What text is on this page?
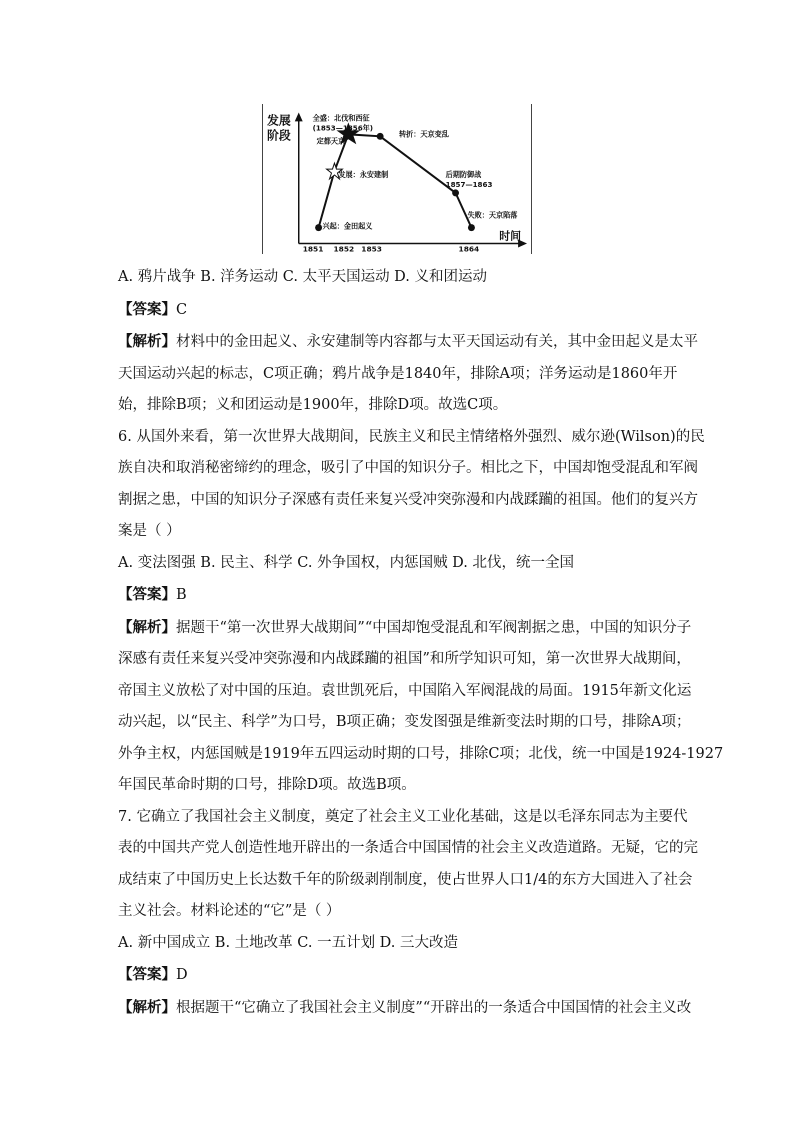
发展
阶段
时间
1851 1852 1853	1864
全盛：北伐和西征
(1853—1856年)
定都天京
转折：天京变乱
发展：永安建制	后期防御战
1857—1863
兴起：金田起义
失败：天京陷落

A. 鸦片战争 B. 洋务运动 C. 太平天国运动 D. 义和团运动

【答案】C

【解析】材料中的金田起义、永安建制等内容都与太平天国运动有关，其中金田起义是太平
天国运动兴起的标志，C项正确；鸦片战争是1840年，排除A项；洋务运动是1860年开
始，排除B项；义和团运动是1900年，排除D项。故选C项。

6. 从国外来看，第一次世界大战期间，民族主义和民主情绪格外强烈、威尔逊(Wilson)的民
族自决和取消秘密缔约的理念，吸引了中国的知识分子。相比之下，中国却饱受混乱和军阀
割据之患，中国的知识分子深感有责任来复兴受冲突弥漫和内战蹂躏的祖国。他们的复兴方
案是（ ）

A. 变法图强 B. 民主、科学 C. 外争国权，内惩国贼 D. 北伐，统一全国

【答案】B

【解析】据题干“第一次世界大战期间”“中国却饱受混乱和军阀割据之患，中国的知识分子
深感有责任来复兴受冲突弥漫和内战蹂躏的祖国”和所学知识可知，第一次世界大战期间，
帝国主义放松了对中国的压迫。袁世凯死后，中国陷入军阀混战的局面。1915年新文化运
动兴起，以“民主、科学”为口号，B项正确；变发图强是维新变法时期的口号，排除A项；
外争主权，内惩国贼是1919年五四运动时期的口号，排除C项；北伐，统一中国是1924-1927
年国民革命时期的口号，排除D项。故选B项。

7. 它确立了我国社会主义制度，奠定了社会主义工业化基础，这是以毛泽东同志为主要代
表的中国共产党人创造性地开辟出的一条适合中国国情的社会主义改造道路。无疑，它的完
成结束了中国历史上长达数千年的阶级剥削制度，使占世界人口1/4的东方大国进入了社会
主义社会。材料论述的“它”是（ ）

A. 新中国成立 B. 土地改革 C. 一五计划 D. 三大改造

【答案】D

【解析】根据题干“它确立了我国社会主义制度”“开辟出的一条适合中国国情的社会主义改
